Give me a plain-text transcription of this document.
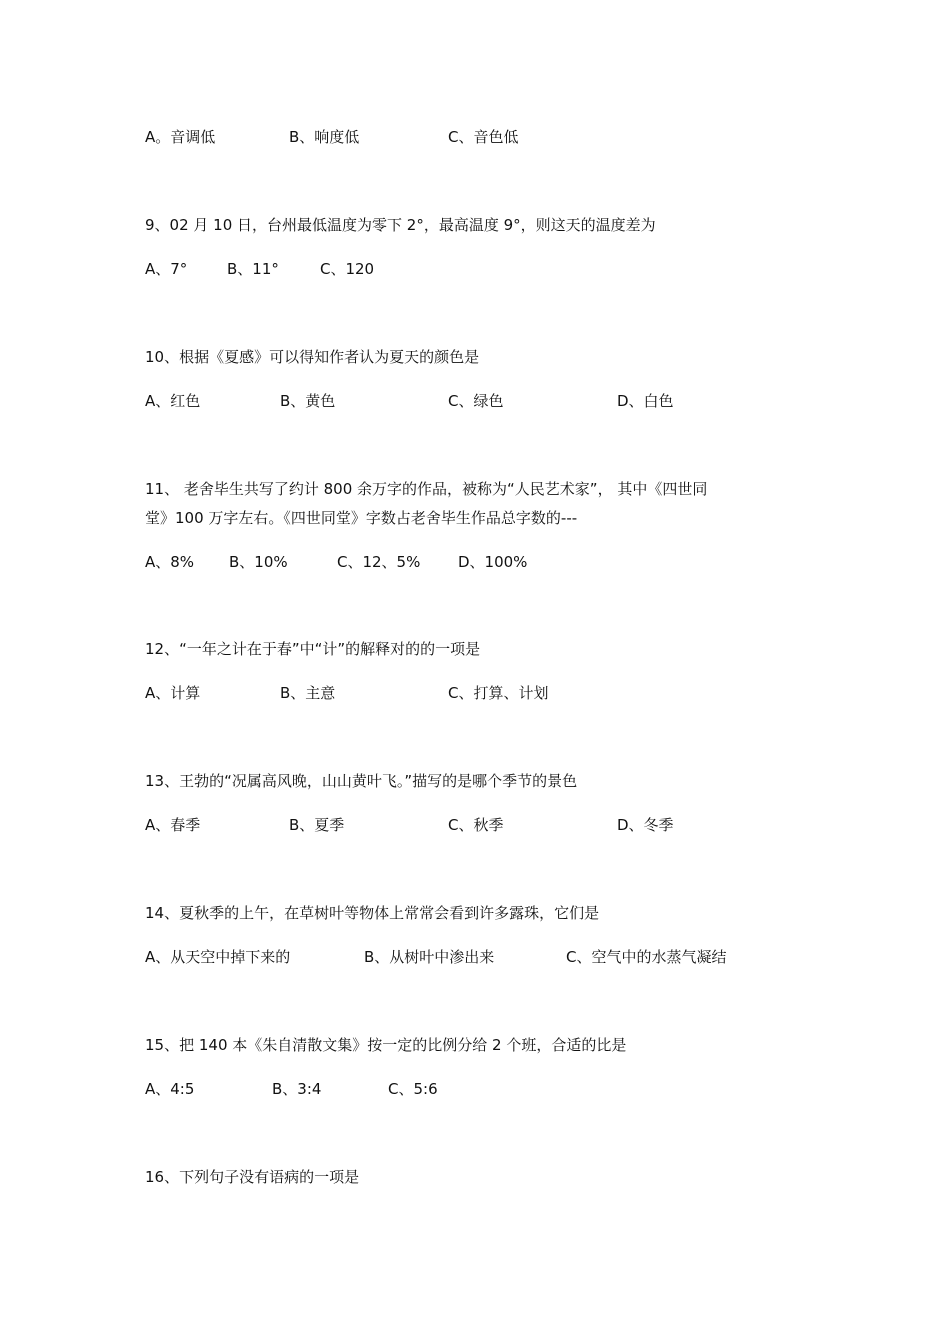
A。音调低	B、响度低	C、音色低
9、02 月 10 日，台州最低温度为零下 2°，最高温度 9°，则这天的温度差为
A、7°	B、11°	C、120
10、根据《夏感》可以得知作者认为夏天的颜色是
A、红色	B、黄色	C、绿色	D、白色
11、 老舍毕生共写了约计 800 余万字的作品，被称为“人民艺术家”， 其中《四世同
堂》100 万字左右。《四世同堂》字数占老舍毕生作品总字数的---
A、8% B、10%	C、12、5%	D、100%
12、“一年之计在于春”中“计”的解释对的的一项是
A、计算	B、主意	C、打算、计划
13、王勃的“况属高风晚，山山黄叶飞。”描写的是哪个季节的景色
A、春季	B、夏季	C、秋季	D、冬季
14、夏秋季的上午，在草树叶等物体上常常会看到许多露珠，它们是
A、从天空中掉下来的	B、从树叶中渗出来	C、空气中的水蒸气凝结
15、把 140 本《朱自清散文集》按一定的比例分给 2 个班，合适的比是
A、4:5	B、3:4	C、5:6
16、下列句子没有语病的一项是
